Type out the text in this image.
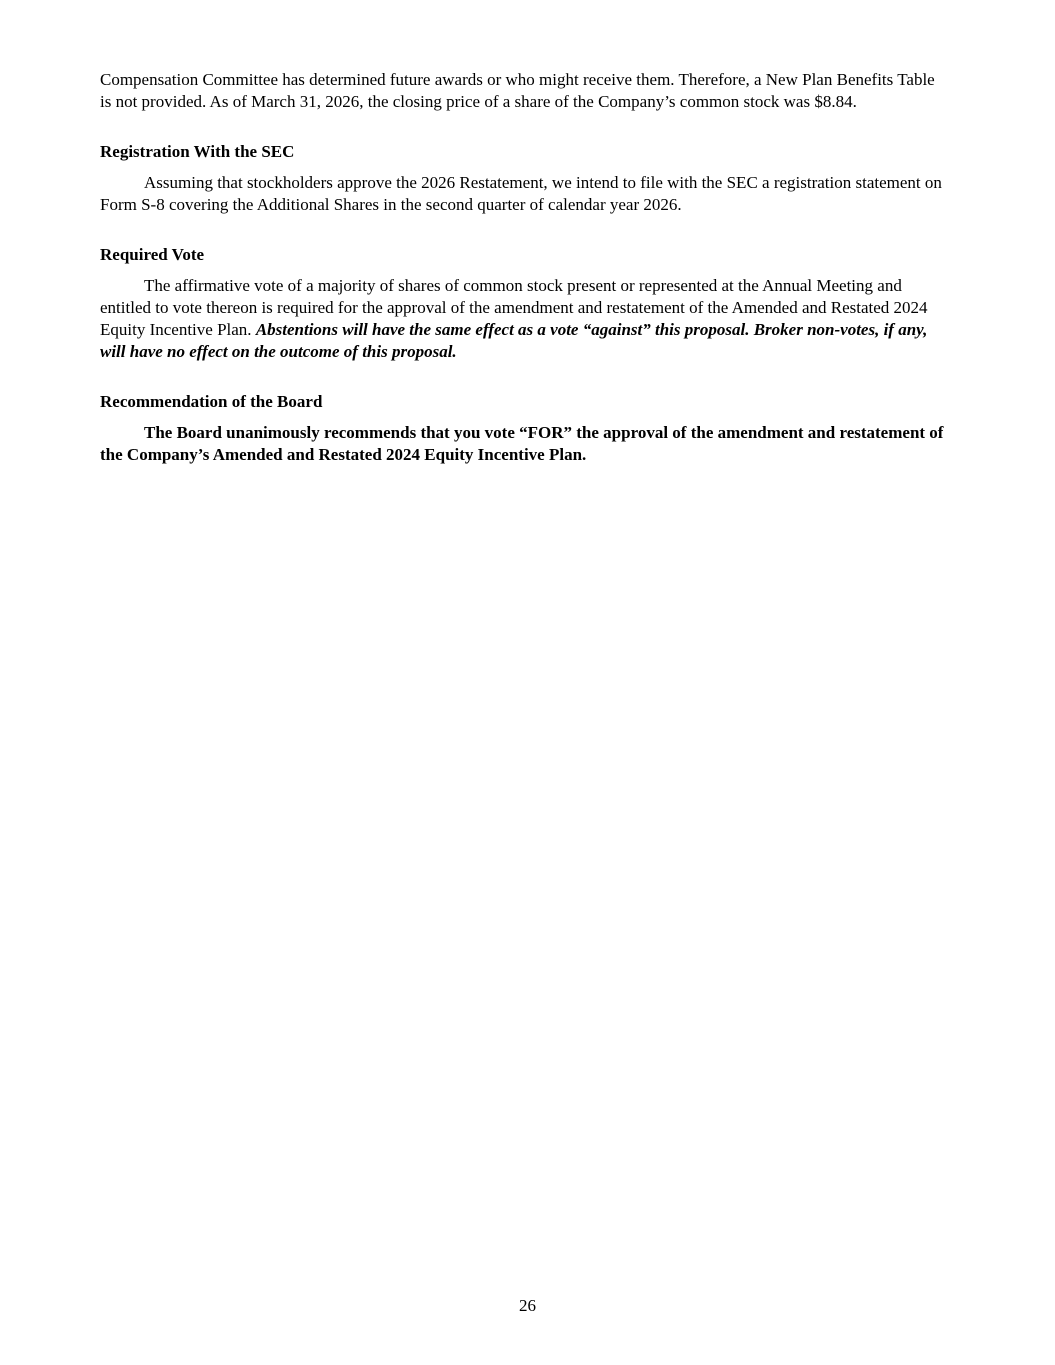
Compensation Committee has determined future awards or who might receive them. Therefore, a New Plan Benefits Table is not provided. As of March 31, 2026, the closing price of a share of the Company’s common stock was $8.84.

Registration With the SEC

Assuming that stockholders approve the 2026 Restatement, we intend to file with the SEC a registration statement on Form S-8 covering the Additional Shares in the second quarter of calendar year 2026.

Required Vote

The affirmative vote of a majority of shares of common stock present or represented at the Annual Meeting and entitled to vote thereon is required for the approval of the amendment and restatement of the Amended and Restated 2024 Equity Incentive Plan. Abstentions will have the same effect as a vote “against” this proposal. Broker non-votes, if any, will have no effect on the outcome of this proposal.

Recommendation of the Board

The Board unanimously recommends that you vote “FOR” the approval of the amendment and restatement of the Company’s Amended and Restated 2024 Equity Incentive Plan.

26
